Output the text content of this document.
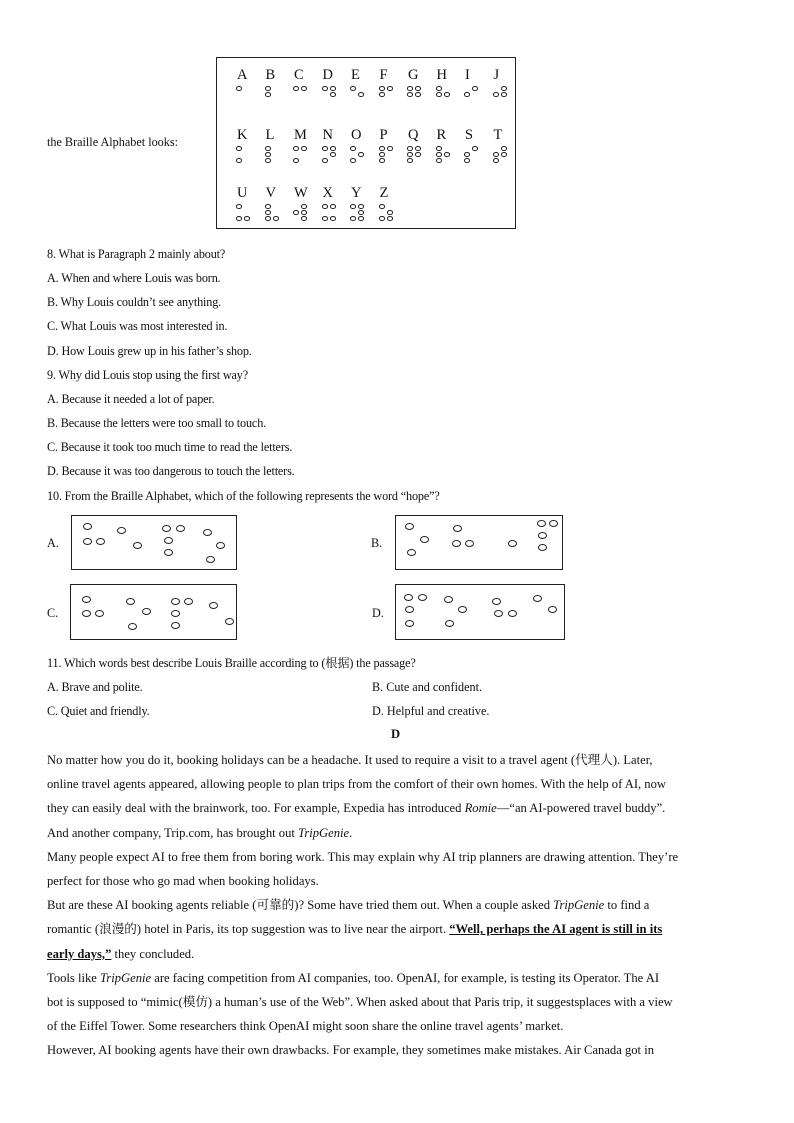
the Braille Alphabet looks:
A B C D E F G H I J
K L M N O P Q R S T
U V W X Y Z
8. What is Paragraph 2 mainly about?
A. When and where Louis was born.
B. Why Louis couldn’t see anything.
C. What Louis was most interested in.
D. How Louis grew up in his father’s shop.
9. Why did Louis stop using the first way?
A. Because it needed a lot of paper.
B. Because the letters were too small to touch.
C. Because it took too much time to read the letters.
D. Because it was too dangerous to touch the letters.
10. From the Braille Alphabet, which of the following represents the word “hope”?
A.	B.
C.	D.
11. Which words best describe Louis Braille according to (根据) the passage?
A. Brave and polite.	B. Cute and confident.
C. Quiet and friendly.	D. Helpful and creative.
D
No matter how you do it, booking holidays can be a headache. It used to require a visit to a travel agent (代理人). Later,
online travel agents appeared, allowing people to plan trips from the comfort of their own homes. With the help of AI, now
they can easily deal with the brainwork, too. For example, Expedia has introduced Romie—“an AI-powered travel buddy”.
And another company, Trip.com, has brought out TripGenie.
Many people expect AI to free them from boring work. This may explain why AI trip planners are drawing attention. They’re
perfect for those who go mad when booking holidays.
But are these AI booking agents reliable (可靠的)? Some have tried them out. When a couple asked TripGenie to find a
romantic (浪漫的) hotel in Paris, its top suggestion was to live near the airport. “Well, perhaps the AI agent is still in its
early days,” they concluded.
Tools like TripGenie are facing competition from AI companies, too. OpenAI, for example, is testing its Operator. The AI
bot is supposed to “mimic(模仿) a human’s use of the Web”. When asked about that Paris trip, it suggestsplaces with a view
of the Eiffel Tower. Some researchers think OpenAI might soon share the online travel agents’ market.
However, AI booking agents have their own drawbacks. For example, they sometimes make mistakes. Air Canada got in
